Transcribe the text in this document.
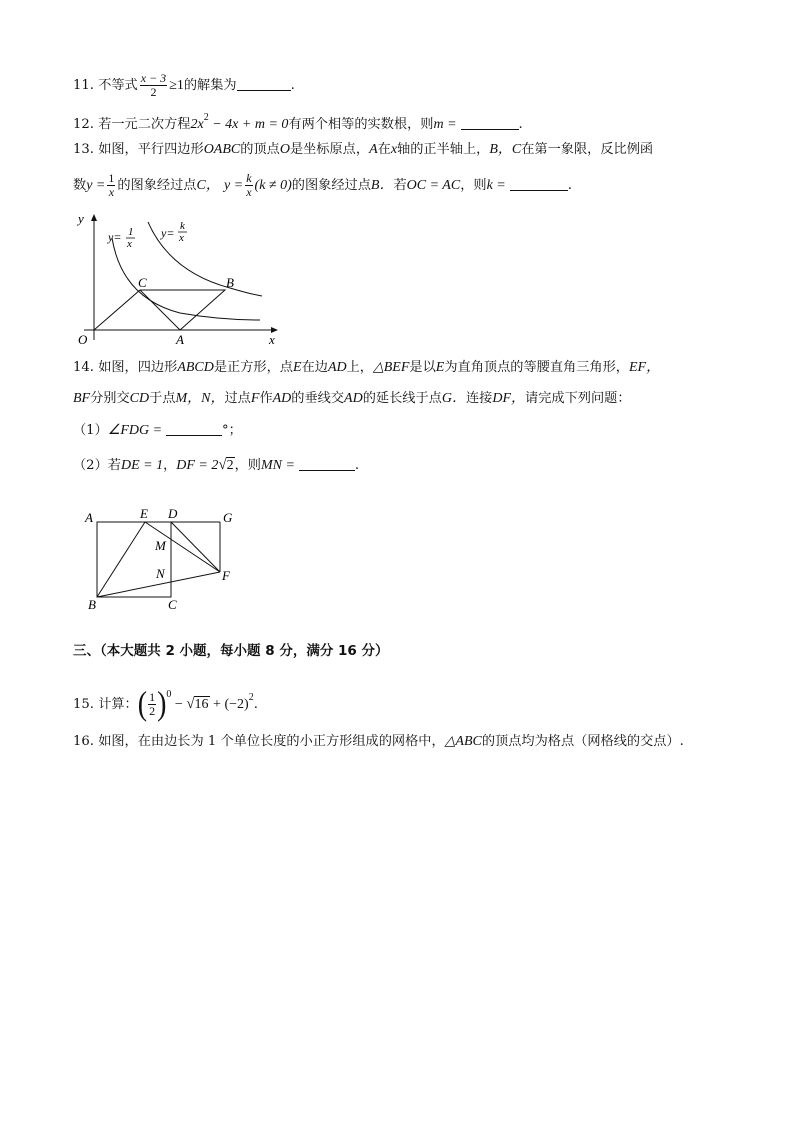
11. 不等式 $\frac{x - 3}{2} \ge 1$的解集为	.
12. 若一元二次方程$2x^2 - 4x + m = 0$有两个相等的实数根，则m =	.
13. 如图，平行四边形OABC的顶点O是坐标原点，A在x轴的正半轴上，B，C在第一象限，反比例函
数$y = \frac{1}{x}$ 的图象经过点C， $y = \frac{k}{x} (k \ne 0)$的图象经过点B．若OC = AC，则k =	.
y
x
O	A
B
C
y= 1
x
y= k
x
14. 如图，四边形ABCD是正方形，点E在边AD上，△BEF是以E为直角顶点的等腰直角三角形，EF，
BF分别交CD于点M，N，过点F作AD的垂线交AD的延长线于点G．连接DF，请完成下列问题：
（1）∠FDG =	°；
（2）若DE = 1，DF = 2√2，则MN =	.
A	E D	G
M
N	F
B	C
三、（本大题共 2 小题，每小题 8 分，满分 16 分）
15. 计算：( $\frac{1}{2} )^0 - √16 + (-2)^2$.
16. 如图，在由边长为 1 个单位长度的小正方形组成的网格中，△ABC的顶点均为格点（网格线的交点）.
